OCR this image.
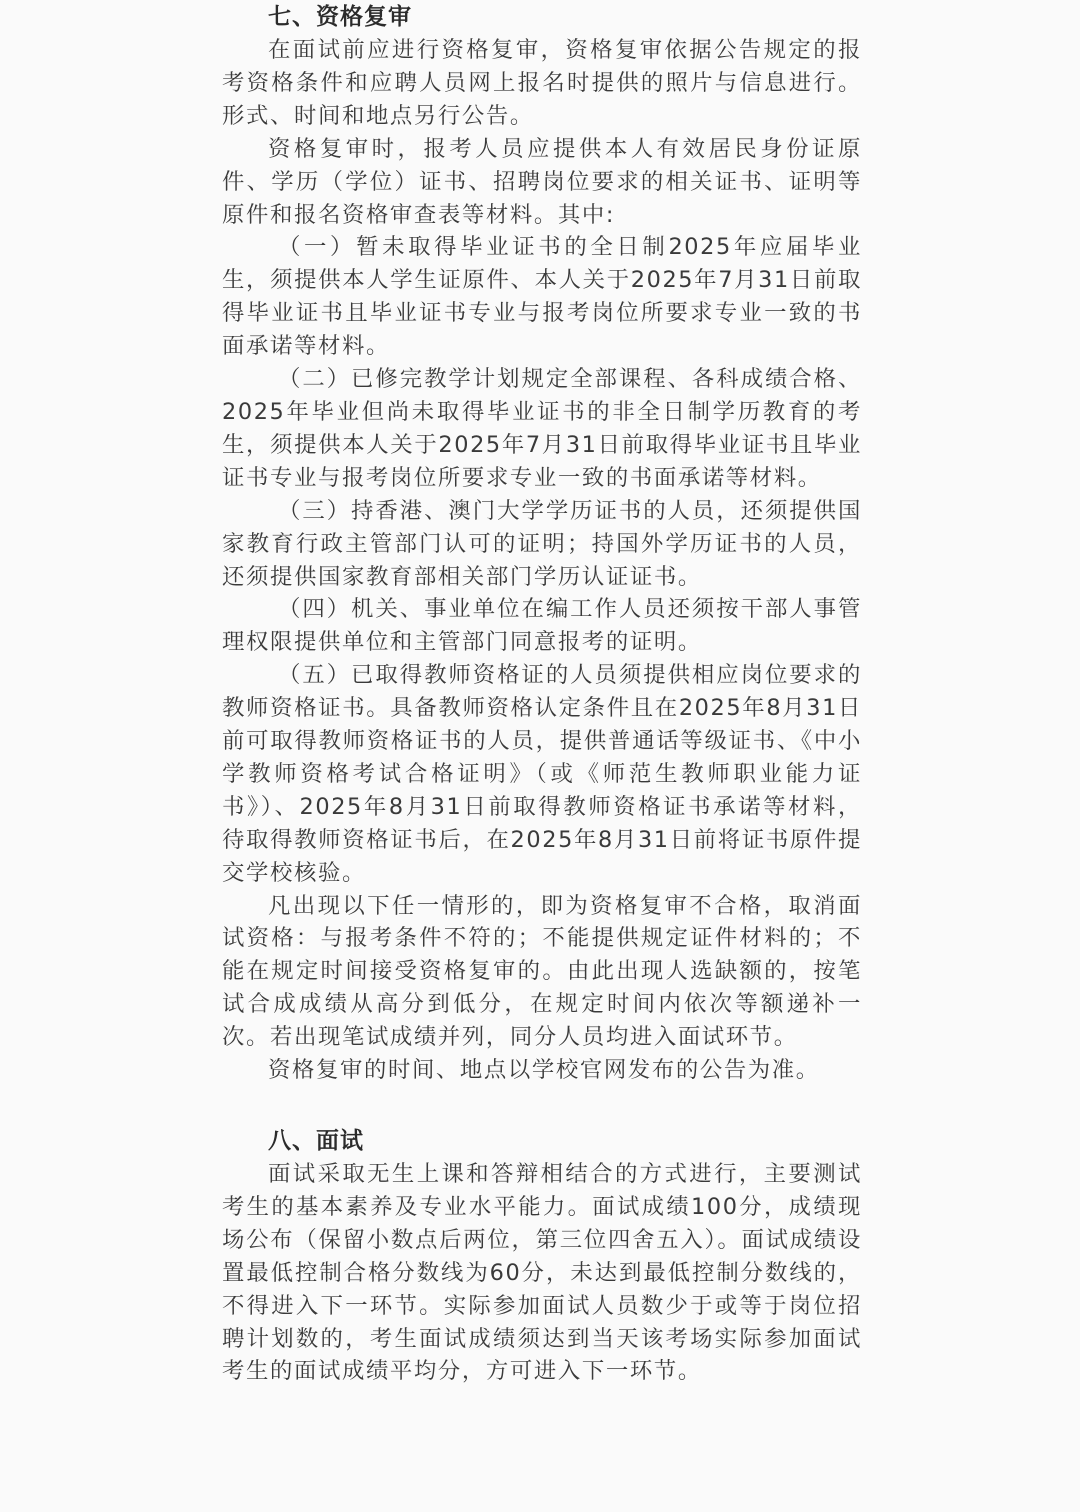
七、资格复审

在面试前应进行资格复审，资格复审依据公告规定的报考资格条件和应聘人员网上报名时提供的照片与信息进行。形式、时间和地点另行公告。

资格复审时，报考人员应提供本人有效居民身份证原件、学历（学位）证书、招聘岗位要求的相关证书、证明等原件和报名资格审查表等材料。其中:

（一）暂未取得毕业证书的全日制2025年应届毕业生，须提供本人学生证原件、本人关于2025年7月31日前取得毕业证书且毕业证书专业与报考岗位所要求专业一致的书面承诺等材料。

（二）已修完教学计划规定全部课程、各科成绩合格、2025年毕业但尚未取得毕业证书的非全日制学历教育的考生，须提供本人关于2025年7月31日前取得毕业证书且毕业证书专业与报考岗位所要求专业一致的书面承诺等材料。

（三）持香港、澳门大学学历证书的人员，还须提供国家教育行政主管部门认可的证明；持国外学历证书的人员，还须提供国家教育部相关部门学历认证证书。

（四）机关、事业单位在编工作人员还须按干部人事管理权限提供单位和主管部门同意报考的证明。

（五）已取得教师资格证的人员须提供相应岗位要求的教师资格证书。具备教师资格认定条件且在2025年8月31日前可取得教师资格证书的人员，提供普通话等级证书、《中小学教师资格考试合格证明》（或《师范生教师职业能力证书》）、2025年8月31日前取得教师资格证书承诺等材料，待取得教师资格证书后，在2025年8月31日前将证书原件提交学校核验。

凡出现以下任一情形的，即为资格复审不合格，取消面试资格：与报考条件不符的；不能提供规定证件材料的；不能在规定时间接受资格复审的。由此出现人选缺额的，按笔试合成成绩从高分到低分，在规定时间内依次等额递补一次。若出现笔试成绩并列，同分人员均进入面试环节。

资格复审的时间、地点以学校官网发布的公告为准。

八、面试

面试采取无生上课和答辩相结合的方式进行，主要测试考生的基本素养及专业水平能力。面试成绩100分，成绩现场公布（保留小数点后两位，第三位四舍五入）。面试成绩设置最低控制合格分数线为60分，未达到最低控制分数线的，不得进入下一环节。实际参加面试人员数少于或等于岗位招聘计划数的，考生面试成绩须达到当天该考场实际参加面试考生的面试成绩平均分，方可进入下一环节。
